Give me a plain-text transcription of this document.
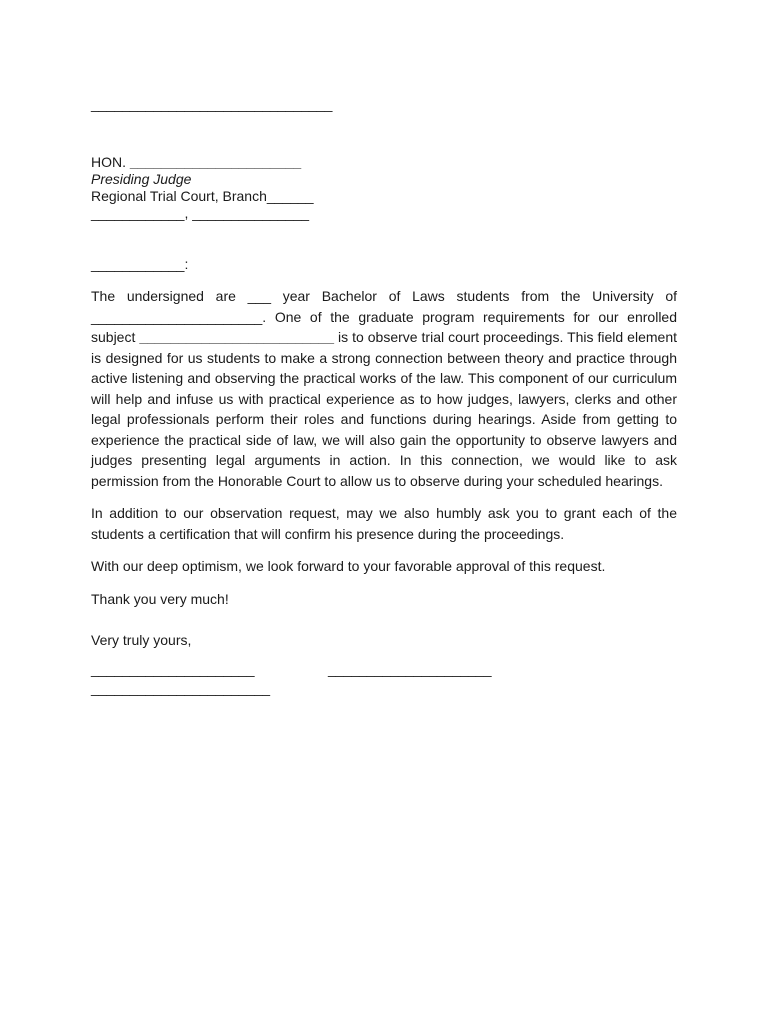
_______________________________
HON. ______________________
Presiding Judge
Regional Trial Court, Branch______
____________, _______________
____________:

The undersigned are ___ year Bachelor of Laws students from the University of ______________________. One of the graduate program requirements for our enrolled subject _________________________ is to observe trial court proceedings. This field element is designed for us students to make a strong connection between theory and practice through active listening and observing the practical works of the law. This component of our curriculum will help and infuse us with practical experience as to how judges, lawyers, clerks and other legal professionals perform their roles and functions during hearings. Aside from getting to experience the practical side of law, we will also gain the opportunity to observe lawyers and judges presenting legal arguments in action. In this connection, we would like to ask permission from the Honorable Court to allow us to observe during your scheduled hearings.

In addition to our observation request, may we also humbly ask you to grant each of the students a certification that will confirm his presence during the proceedings.

With our deep optimism, we look forward to your favorable approval of this request.

Thank you very much!

Very truly yours,
_____________________	_____________________
_______________________
